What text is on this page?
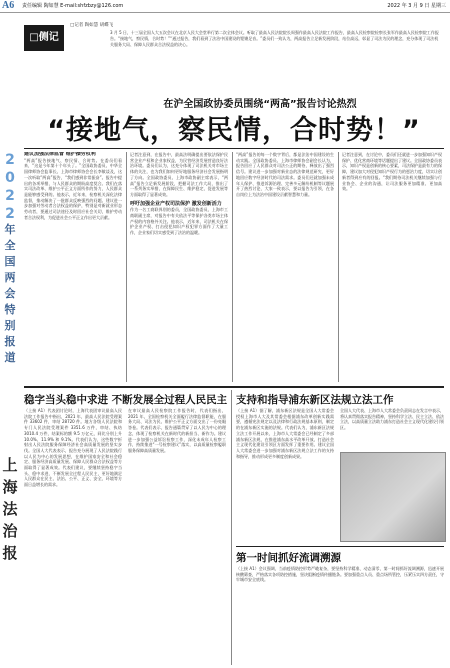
A6	责任编辑 陶如慧 E-mail:shfzbzy@126.com	2022 年 3 月 9 日 星期三
2022
年
全
国
两
会
特
别
报
道
上
海
法
治
报
□侧记
□记者 陶如慧 胡蝶飞
3 月 5 日，十三届全国人大五次会议在北京人民大会堂举行第二次全体会议。听取了最高人民法院院长周强作最高人民法院工作报告，最高人民检察院检察长张军作最高人民检察院工作报告。“接地气，察民情，合时势！”“通过报告，我们看到了法治中国建设的铿锵足音。”委员们一致认为，两高报告立足新发展阶段，站位高远，彰显了司法为民的理念，充分体现了司法机关服务大局、保障人民群众合法权益的决心。
在沪全国政协委员围绕“两高”报告讨论热烈
“接地气，察民情，合时势！”
建议加强法律监督 维护操劳权利
“两高”报告接地气、察民情、合时势。在委员们看来，“这是今年第十个年头了。”全国政协委员、中华全国律师协会监事长、上海市律师协会会长李敏谈及，这一次听取“两高”报告，“我们感到非常振奋”。报告中提出的各项举措，与人民群众的期盼高度契合。我们在落实司法改革、维护公平正义方面所作的努力，人民群众是能够感受到的。他表示，近年来，检察机关深化法律监督，推动解决了一批群众反映强烈的问题。建议进一步加强对劳动者合法权益的保护，特别是对新就业形态劳动者，要通过司法途径及时回应社会关切，维护劳动者合法权利，为促进社会公平正义作出更大贡献。
记者注意到，在报告中，最高法明确提出要依法保护民营企业产权和企业家权益，为民营经济发展营造良好法治环境。委员们认为，这充分体现了司法机关对市场主体的关注，也为我们如何更好地服务经济社会发展指明了方向。全国政协委员、上海市政协副主席表示，“两高”报告立足新发展阶段，把握司法工作大局，推出了一系列务实举措，在保障民生、维护稳定、促进发展等方面取得了显著成效。
呼吁加强企业产权司法保护 激发创新活力
作为一名工商联界别的委员，全国政协委员、上海市工商联副主席，对报告中有关依法平等保护各类市场主体产权的内容格外关注。他表示，近年来，司法机关在保护企业产权、打击侵犯知识产权犯罪方面作了大量工作，企业家们切实感受到了法治的温暖。
“两高”报告的每一个数字背后，都是法治中国建设的生动实践。全国政协委员、上海市律师协会副会长认为，报告回应了人民群众对司法公正的期待，释放出了强烈信号。建议进一步加强对新业态的法律规范研究，更好地回应数字经济时代的司法需求。委员们还就加强未成年人保护、推进诉源治理、完善多元解纷机制等议题展开了热烈讨论，大家一致表示，要以报告为引领，在各自岗位上为法治中国建设贡献智慧和力量。
记者注意到，在讨论中，委员们还就进一步加强知识产权保护、优化营商环境等话题提出了建议。全国政协委员表示，知识产权是创新的核心要素，司法保护是最有力的保障，建议加大对侵犯知识产权行为的惩治力度，切实让创新者得到应有的回报。“我们期待司法机关继续加强与行业协会、企业的沟通，让司法服务更加精准、更加高效。”
稳字当头稳中求进 不断发展全过程人民民主
（上接 A1）代表团讨论时，上海代表团审议最高人民法院工作报告中指出，2021 年，最高人民法院受理案件 33602 件，审结 28720 件。地方各级人民法院和专门人民法院受理案件 3351.6 万件，审结、执结 3010.4 万件，结案标的额 9.5 万亿元，同比分别上升 10.0%、11.9% 和 9.1%。代表们认为，这些数字折射出人民法院服务保障经济社会高质量发展的坚实步伐。全国人大代表表示，报告充分展现了人民法院践行以人民为中心的发展思想，在维护国家安全和社会稳定、服务经济高质量发展、保障人民群众合法权益等方面取得了显著成效。代表们建议，要继续坚持稳字当头、稳中求进，不断发展全过程人民民主，更好地满足人民群众在民主、法治、公平、正义、安全、环境等方面日益增长的需求。
在审议最高人民检察院工作报告时，代表们指出，2021 年，全国检察机关全面履行法律监督职能，在服务大局、司法为民、维护公平正义方面交出了一份亮眼答卷。代表们表示，报告通篇贯穿了以人民为中心的理念，体现了检察机关在新时代的新担当、新作为。建议进一步加强公益诉讼检察工作，深化未成年人检察工作，持续推进“一号检察建议”落实，以高质量检察履职服务保障高质量发展。
支持和指导浦东新区法规立法工作
（上接 A1）据了解，浦东新区法规是全国人大常委会授权上海市人大及其常委会根据浦东改革创新实践需要，遵循宪法规定以及法律和行政法规基本原则，制定的在浦东新区实施的法规。代表们认为，浦东新区法规立法工作开展以来，上海市人大常委会已经制定了多部浦东新区法规，在推进浦东高水平改革开放、打造社会主义现代化建设引领区方面发挥了重要作用。建议全国人大常委会进一步加强对浦东新区法规立法工作的支持和指导，推动形成更多制度创新成果。
全国人大代表、上海市人大常委会负责同志在发言中表示，将认真贯彻落实报告精神，坚持科学立法、民主立法、依法立法，以高质量立法助力浦东打造社会主义现代化建设引领区。
第一时间抓好流调溯源
（上接 A1）会议强调，当前疫情防控形势严峻复杂，要坚持科学精准、动态清零，第一时间抓好流调溯源，迅速开展核酸筛查，严格落实各项防控措施，坚决阻断疫情传播链条。要加强重点人员、重点场所管控，压紧压实四方责任，守牢城市安全底线。
